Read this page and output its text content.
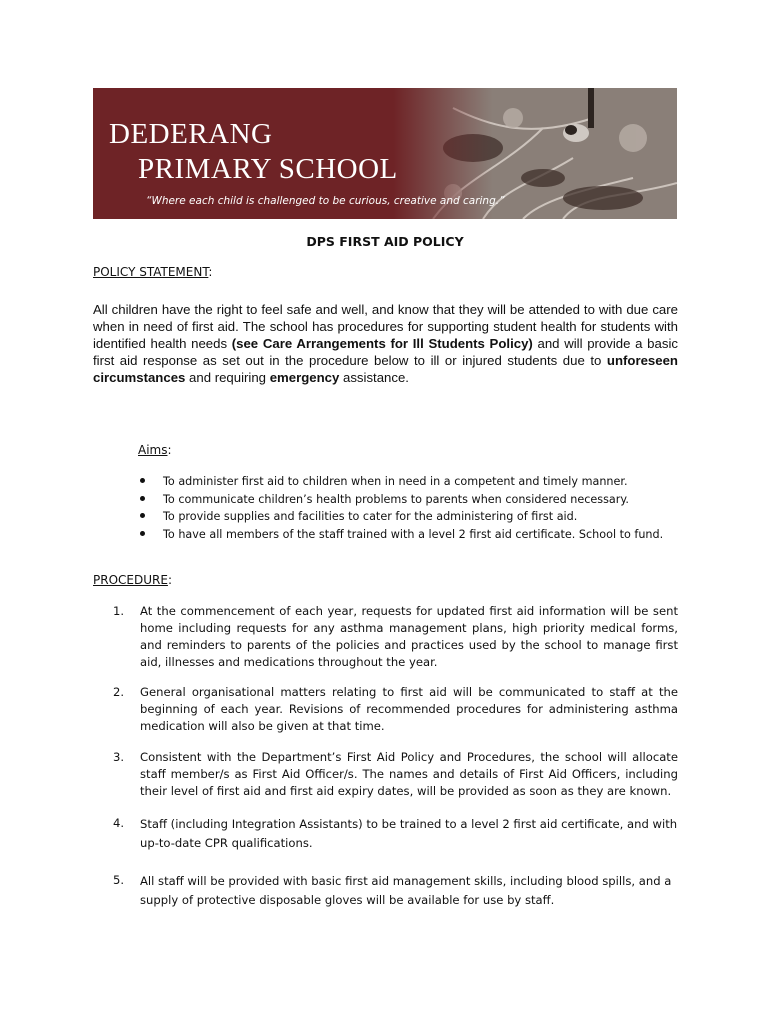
DEDERANG
PRIMARY SCHOOL
“Where each child is challenged to be curious, creative and caring.”
DPS FIRST AID POLICY
POLICY STATEMENT:
All children have the right to feel safe and well, and know that they will be attended to with due care when in need of first aid. The school has procedures for supporting student health for students with identified health needs (see Care Arrangements for Ill Students Policy) and will provide a basic first aid response as set out in the procedure below to ill or injured students due to unforeseen circumstances and requiring emergency assistance.
Aims:
To administer first aid to children when in need in a competent and timely manner.
To communicate children’s health problems to parents when considered necessary.
To provide supplies and facilities to cater for the administering of first aid.
To have all members of the staff trained with a level 2 first aid certificate. School to fund.
PROCEDURE:
1. At the commencement of each year, requests for updated first aid information will be sent home including requests for any asthma management plans, high priority medical forms, and reminders to parents of the policies and practices used by the school to manage first aid, illnesses and medications throughout the year.
2. General organisational matters relating to first aid will be communicated to staff at the beginning of each year. Revisions of recommended procedures for administering asthma medication will also be given at that time.
3. Consistent with the Department’s First Aid Policy and Procedures, the school will allocate staff member/s as First Aid Officer/s. The names and details of First Aid Officers, including their level of first aid and first aid expiry dates, will be provided as soon as they are known.
4. Staff (including Integration Assistants) to be trained to a level 2 first aid certificate, and with up-to-date CPR qualifications.
5. All staff will be provided with basic first aid management skills, including blood spills, and a supply of protective disposable gloves will be available for use by staff.
